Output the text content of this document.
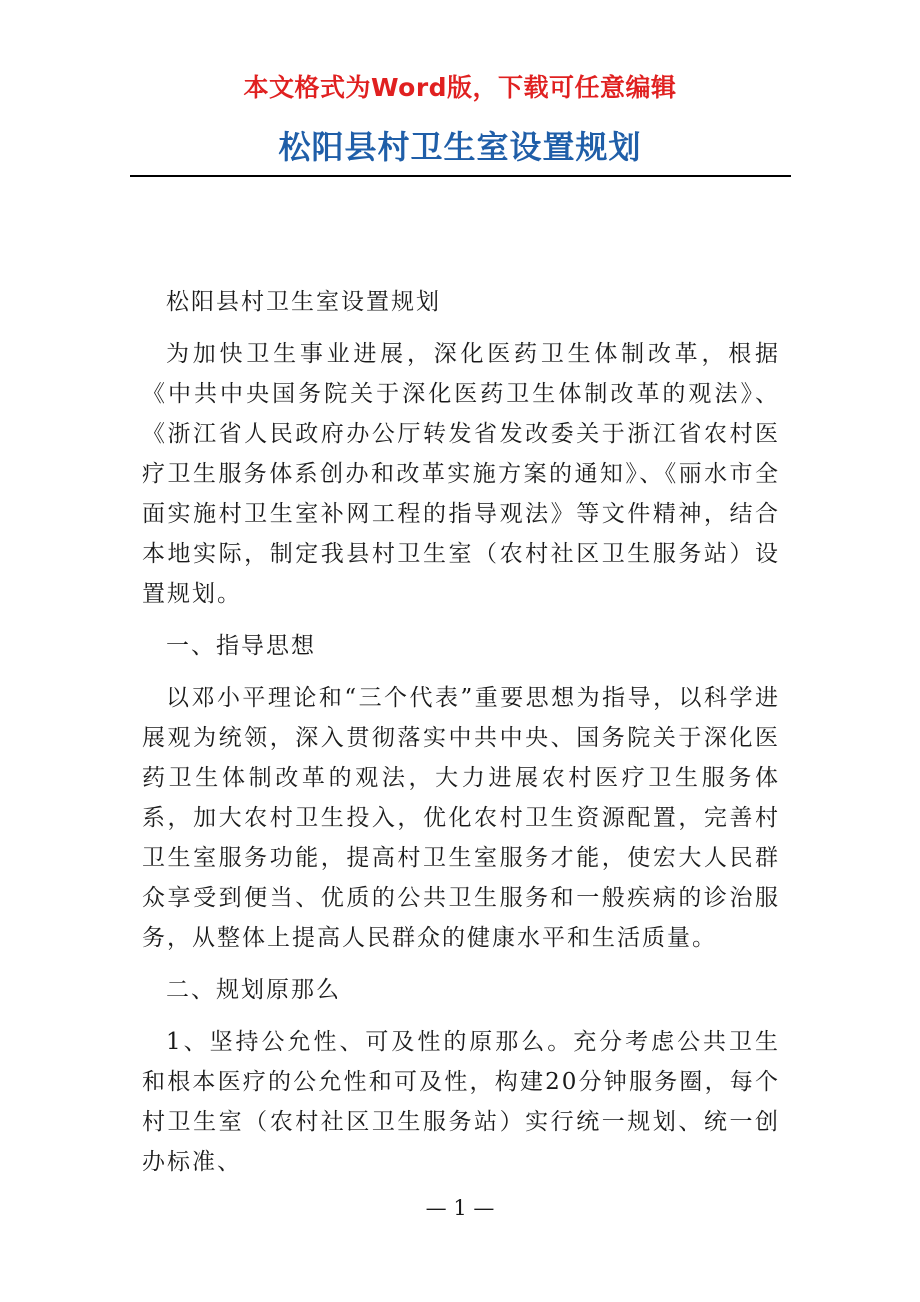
本文格式为Word版，下载可任意编辑
松阳县村卫生室设置规划

松阳县村卫生室设置规划

为加快卫生事业进展，深化医药卫生体制改革，根据《中共中央国务院关于深化医药卫生体制改革的观法》、《浙江省人民政府办公厅转发省发改委关于浙江省农村医疗卫生服务体系创办和改革实施方案的通知》、《丽水市全面实施村卫生室补网工程的指导观法》等文件精神，结合本地实际，制定我县村卫生室（农村社区卫生服务站）设置规划。

一、指导思想

以邓小平理论和“三个代表”重要思想为指导，以科学进展观为统领，深入贯彻落实中共中央、国务院关于深化医药卫生体制改革的观法，大力进展农村医疗卫生服务体系，加大农村卫生投入，优化农村卫生资源配置，完善村卫生室服务功能，提高村卫生室服务才能，使宏大人民群众享受到便当、优质的公共卫生服务和一般疾病的诊治服务，从整体上提高人民群众的健康水平和生活质量。

二、规划原那么

1、坚持公允性、可及性的原那么。充分考虑公共卫生和根本医疗的公允性和可及性，构建20分钟服务圈，每个村卫生室（农村社区卫生服务站）实行统一规划、统一创办标准、

— 1 —
